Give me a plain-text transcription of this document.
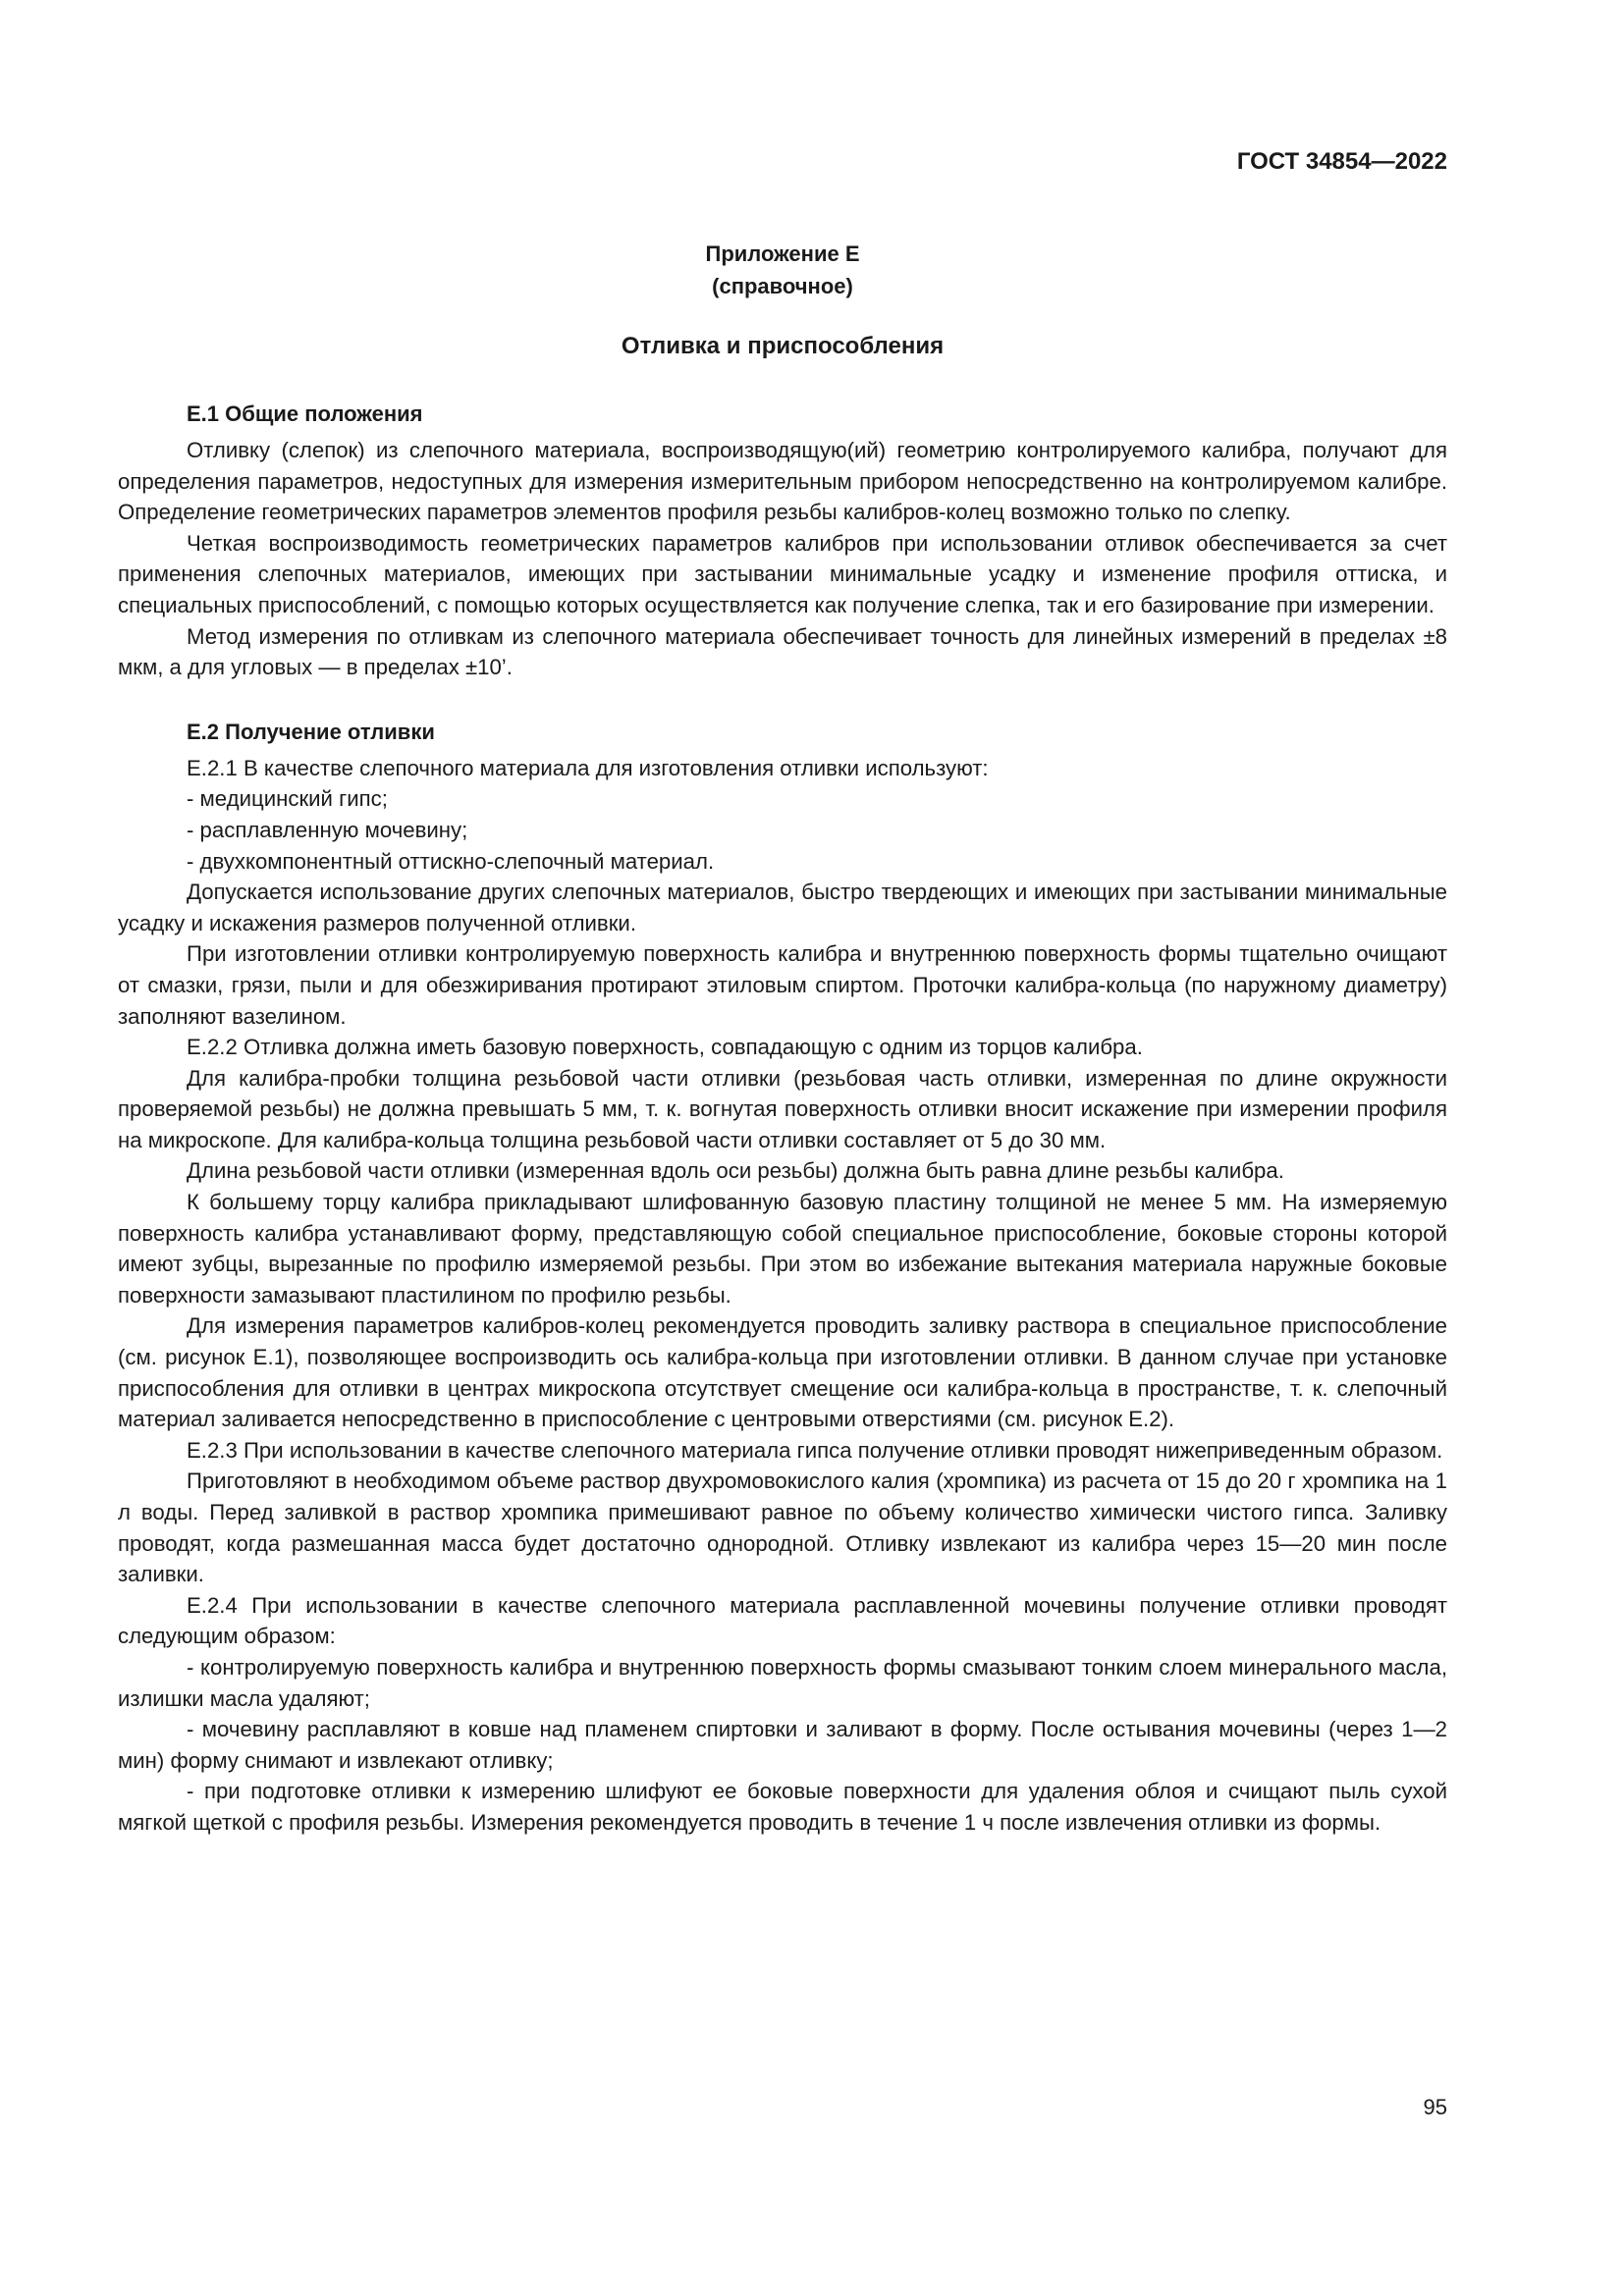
ГОСТ 34854—2022
Приложение Е
(справочное)
Отливка и приспособления
Е.1 Общие положения

Отливку (слепок) из слепочного материала, воспроизводящую(ий) геометрию контролируемого калибра, получают для определения параметров, недоступных для измерения измерительным прибором непосредственно на контролируемом калибре. Определение геометрических параметров элементов профиля резьбы калибров-колец возможно только по слепку.

Четкая воспроизводимость геометрических параметров калибров при использовании отливок обеспечивается за счет применения слепочных материалов, имеющих при застывании минимальные усадку и изменение профиля оттиска, и специальных приспособлений, с помощью которых осуществляется как получение слепка, так и его базирование при измерении.

Метод измерения по отливкам из слепочного материала обеспечивает точность для линейных измерений в пределах ±8 мкм, а для угловых — в пределах ±10’.

Е.2 Получение отливки

Е.2.1 В качестве слепочного материала для изготовления отливки используют:

- медицинский гипс;

- расплавленную мочевину;

- двухкомпонентный оттискно-слепочный материал.

Допускается использование других слепочных материалов, быстро твердеющих и имеющих при застывании минимальные усадку и искажения размеров полученной отливки.

При изготовлении отливки контролируемую поверхность калибра и внутреннюю поверхность формы тщательно очищают от смазки, грязи, пыли и для обезжиривания протирают этиловым спиртом. Проточки калибра-кольца (по наружному диаметру) заполняют вазелином.

Е.2.2 Отливка должна иметь базовую поверхность, совпадающую с одним из торцов калибра.

Для калибра-пробки толщина резьбовой части отливки (резьбовая часть отливки, измеренная по длине окружности проверяемой резьбы) не должна превышать 5 мм, т. к. вогнутая поверхность отливки вносит искажение при измерении профиля на микроскопе. Для калибра-кольца толщина резьбовой части отливки составляет от 5 до 30 мм.

Длина резьбовой части отливки (измеренная вдоль оси резьбы) должна быть равна длине резьбы калибра.

К большему торцу калибра прикладывают шлифованную базовую пластину толщиной не менее 5 мм. На измеряемую поверхность калибра устанавливают форму, представляющую собой специальное приспособление, боковые стороны которой имеют зубцы, вырезанные по профилю измеряемой резьбы. При этом во избежание вытекания материала наружные боковые поверхности замазывают пластилином по профилю резьбы.

Для измерения параметров калибров-колец рекомендуется проводить заливку раствора в специальное приспособление (см. рисунок Е.1), позволяющее воспроизводить ось калибра-кольца при изготовлении отливки. В данном случае при установке приспособления для отливки в центрах микроскопа отсутствует смещение оси калибра-кольца в пространстве, т. к. слепочный материал заливается непосредственно в приспособление с центровыми отверстиями (см. рисунок Е.2).

Е.2.3 При использовании в качестве слепочного материала гипса получение отливки проводят нижеприведенным образом.

Приготовляют в необходимом объеме раствор двухромовокислого калия (хромпика) из расчета от 15 до 20 г хромпика на 1 л воды. Перед заливкой в раствор хромпика примешивают равное по объему количество химически чистого гипса. Заливку проводят, когда размешанная масса будет достаточно однородной. Отливку извлекают из калибра через 15—20 мин после заливки.

Е.2.4 При использовании в качестве слепочного материала расплавленной мочевины получение отливки проводят следующим образом:

- контролируемую поверхность калибра и внутреннюю поверхность формы смазывают тонким слоем минерального масла, излишки масла удаляют;

- мочевину расплавляют в ковше над пламенем спиртовки и заливают в форму. После остывания мочевины (через 1—2 мин) форму снимают и извлекают отливку;

- при подготовке отливки к измерению шлифуют ее боковые поверхности для удаления облоя и счищают пыль сухой мягкой щеткой с профиля резьбы. Измерения рекомендуется проводить в течение 1 ч после извлечения отливки из формы.

95
